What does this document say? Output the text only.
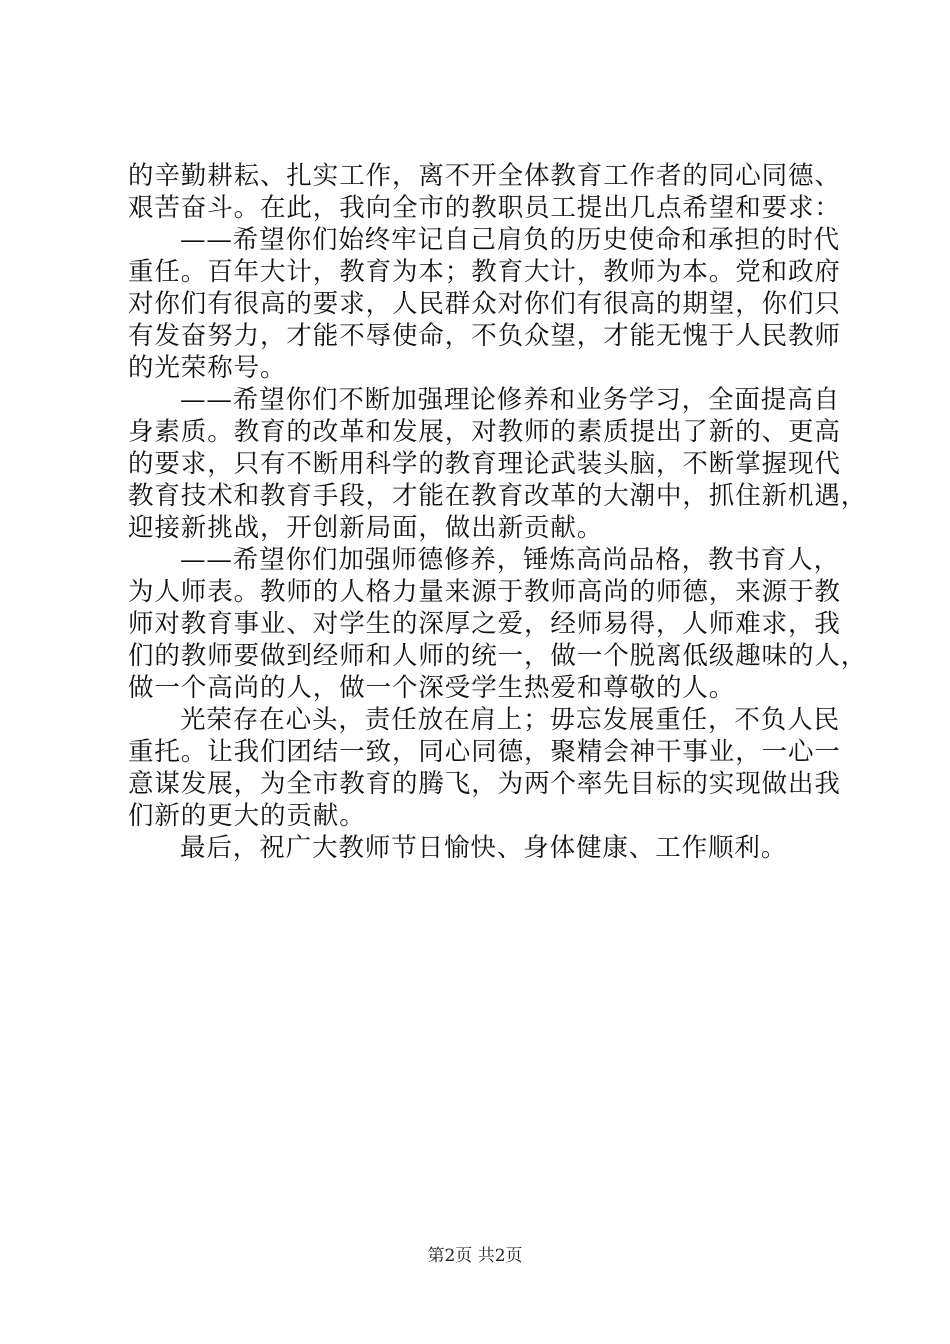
的辛勤耕耘、扎实工作，离不开全体教育工作者的同心同德、
艰苦奋斗。在此，我向全市的教职员工提出几点希望和要求：
——希望你们始终牢记自己肩负的历史使命和承担的时代
重任。百年大计，教育为本；教育大计，教师为本。党和政府
对你们有很高的要求，人民群众对你们有很高的期望，你们只
有发奋努力，才能不辱使命，不负众望，才能无愧于人民教师
的光荣称号。
——希望你们不断加强理论修养和业务学习，全面提高自
身素质。教育的改革和发展，对教师的素质提出了新的、更高
的要求，只有不断用科学的教育理论武装头脑，不断掌握现代
教育技术和教育手段，才能在教育改革的大潮中，抓住新机遇，
迎接新挑战，开创新局面，做出新贡献。
——希望你们加强师德修养，锤炼高尚品格，教书育人，
为人师表。教师的人格力量来源于教师高尚的师德，来源于教
师对教育事业、对学生的深厚之爱，经师易得，人师难求，我
们的教师要做到经师和人师的统一，做一个脱离低级趣味的人，
做一个高尚的人，做一个深受学生热爱和尊敬的人。
光荣存在心头，责任放在肩上；毋忘发展重任，不负人民
重托。让我们团结一致，同心同德，聚精会神干事业，一心一
意谋发展，为全市教育的腾飞，为两个率先目标的实现做出我
们新的更大的贡献。
最后，祝广大教师节日愉快、身体健康、工作顺利。
第2页 共2页
